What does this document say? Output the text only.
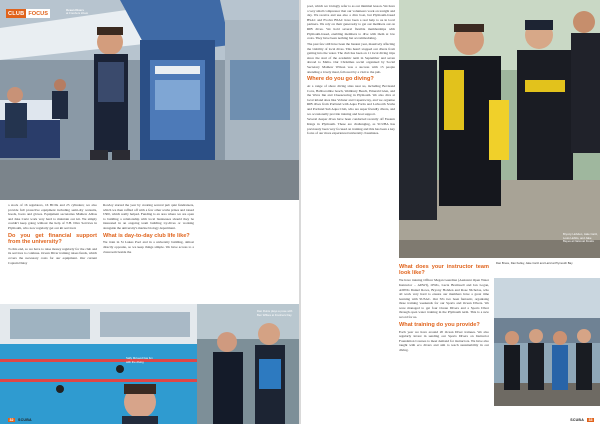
CLUB FOCUS
Ocean Divers
at Freshers Week

a stock of 16 regulators, 16 BCDs and 25 cylinders; we also provide full protective equipment including semi-dry wetsuits, hoods, boots and gloves. Equipment secretaries Mathew Abbas and Jake Cartz work very hard to maintain our kit. We simply couldn't keep going without the help of T.H. Dive Services in Plymouth, who now regularly get our kit serviced.

Do you get financial support from the university?

To this end, so we have to raise money regularly for the club and its services to continue. Ocean Diver training raises funds, which covers the necessary costs for our equipment. Our current Captain Daisy

Rowley started the year by creating several pub quiz fundraisers, which we then raffled off with a few other scuba prizes and raised £300, which really helped. Funding is an area where we are open to building a relationship with local businesses should they be interested in an ongoing team building try-dives or working alongside the university's marine biology department.

What is day-to-day club life like?

We train in St Lukes Pool and in a university building, almost directly opposite, so we keep things simple. We have access to a classroom beside the

Sally McLeod has fun with the diving
Dan Ruins plays a pose with Ben Wilkes at Freshers Day
32	SCUBA

pool, which we lovingly refer to as our minimal lesson. We have a very small compressor that our volunteers work on tonight and day. We receive and use also a dive boat, but Plymouth-based BSAC and Evolve BSAC have been a real help to us in local partners. We rely on their generosity to get our members out on RIB dives. We hold several flexible memberships with Plymouth-based, enabling members to dive with them at low costs. They have been nothing but accommodating.

The past few still have been the busiest year, massively affecting the viability of local dives. This hasn't stopped our divers from getting into the water. The club has been on 11 local diving trips since the start of the academic term in September and seven abroad to Malta. Our Christmas social organised by Social Secretary Mathew Wilson was a success with 15 people attending a lovely meal, followed by a visit to the pub.

Where do you go diving?

At a range of shore diving sites near us, including Bovisand Cove, Babbacombe beach, Wembury Beach, Emerald Glen, and the Wave Inn and Cheesewring in Plymouth. We also dive at local inland sites like Vobster and Capernwray, and we organise RIB dives from Portland with Aqua Fortis and Lulworth Scuba and Portland Sub Aqua Club, who are super friendly divers, and we occasionally provide training and boat support.

Several deeper dives have been conducted recently off Eastern Kings in Plymouth. These are challenging, as SCUBA has previously been very focused on training and this has been a key focus of our more experienced university classmates.

Bryony Hobden, Jake Cartz, Louis Hobbs, and Jake Bayes at National Kiosks
What does your instructor team look like?

We have training Officer Megan Guardian (Assistant Open Water Instructor – ADWI), OWIs, Lucia Bramwell and Ian Logan, ADWIs Daniel Rowe, Bryony Hobden and Rose Nicholas, who all work very hard to ensure our members have a great time learning with SUSAC. Our SI's two been fantastic, organising three training weekends for our Sports and Ocean Divers. We were managed to get four Ocean Divers and a Sports Diver through open water training in the Plymouth term. This is a new record for us.

What training do you provide?

Each year we have around 20 Ocean Diver trainees. We also regularly invest in sending our Sports Divers on Instructor Foundation Courses to meet demand for instructors. We have also taught with eco divers and aim to teach sustainability in our diving.

Dan Bruce, Dan Kelley, Jake Cartz and Laird at Plymouth Bay
SCUBA	33
